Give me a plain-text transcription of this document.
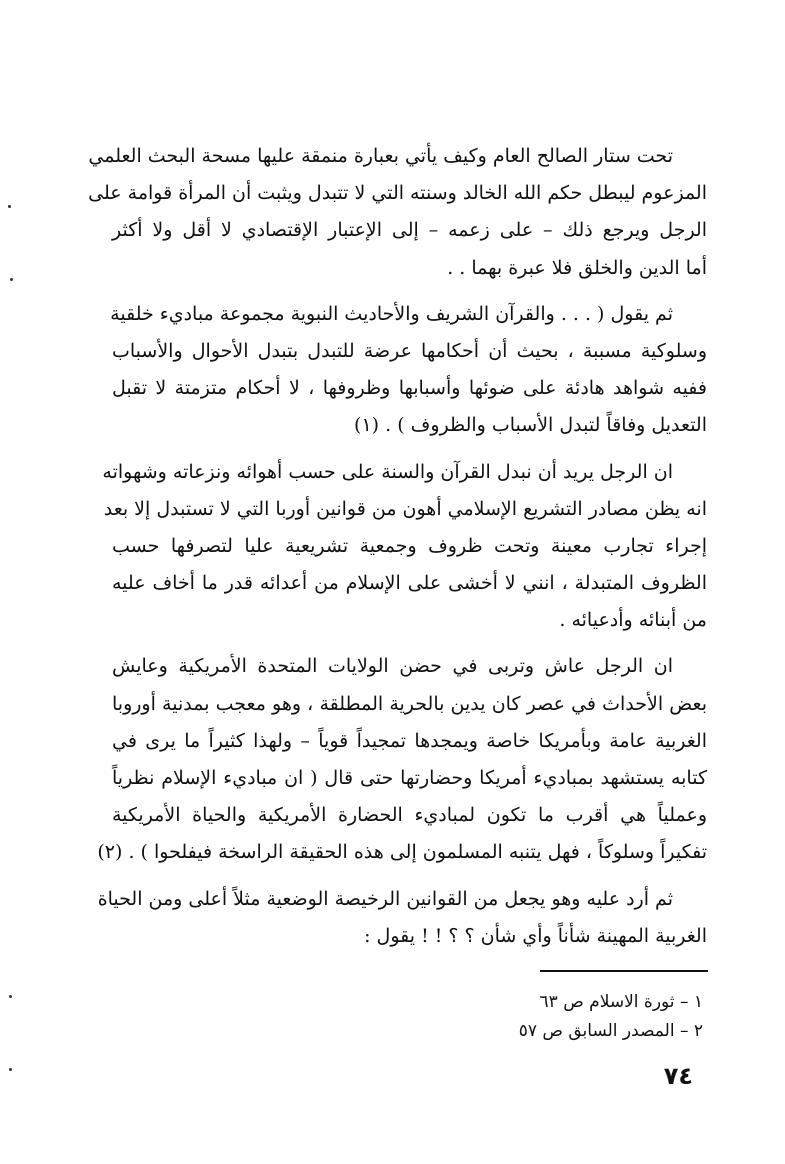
تحت ستار الصالح العام وكيف يأتي بعبارة منمقة عليها مسحة البحث العلمي
المزعوم ليبطل حكم الله الخالد وسنته التي لا تتبدل ويثبت أن المرأة قوامة على
الرجل ويرجع ذلك – على زعمه – إلى الإعتبار الإقتصادي لا أقل ولا أكثر
أما الدين والخلق فلا عبرة بهما . .
ثم يقول ( . . . والقرآن الشريف والأحاديث النبوية مجموعة مباديء خلقية
وسلوكية مسببة ، بحيث أن أحكامها عرضة للتبدل بتبدل الأحوال والأسباب
ففيه شواهد هادئة على ضوئها وأسبابها وظروفها ، لا أحكام متزمتة لا تقبل
التعديل وفاقاً لتبدل الأسباب والظروف ) . (١)
ان الرجل يريد أن نبدل القرآن والسنة على حسب أهوائه ونزعاته وشهواته
انه يظن مصادر التشريع الإسلامي أهون من قوانين أوربا التي لا تستبدل إلا بعد
إجراء تجارب معينة وتحت ظروف وجمعية تشريعية عليا لتصرفها حسب
الظروف المتبدلة ، انني لا أخشى على الإسلام من أعدائه قدر ما أخاف عليه
من أبنائه وأدعيائه .
ان الرجل عاش وتربى في حضن الولايات المتحدة الأمريكية وعايش
بعض الأحداث في عصر كان يدين بالحرية المطلقة ، وهو معجب بمدنية أوروبا
الغربية عامة وبأمريكا خاصة ويمجدها تمجيداً قوياً – ولهذا كثيراً ما يرى في
كتابه يستشهد بمباديء أمريكا وحضارتها حتى قال ( ان مباديء الإسلام نظرياً
وعملياً هي أقرب ما تكون لمباديء الحضارة الأمريكية والحياة الأمريكية
تفكيراً وسلوكاً ، فهل يتنبه المسلمون إلى هذه الحقيقة الراسخة فيفلحوا ) . (٢)
ثم أرد عليه وهو يجعل من القوانين الرخيصة الوضعية مثلاً أعلى ومن الحياة
الغربية المهينة شأناً وأي شأن ؟ ؟ ! ! يقول :
١ – ثورة الاسلام ص ٦٣
٢ – المصدر السابق ص ٥٧
٧٤
